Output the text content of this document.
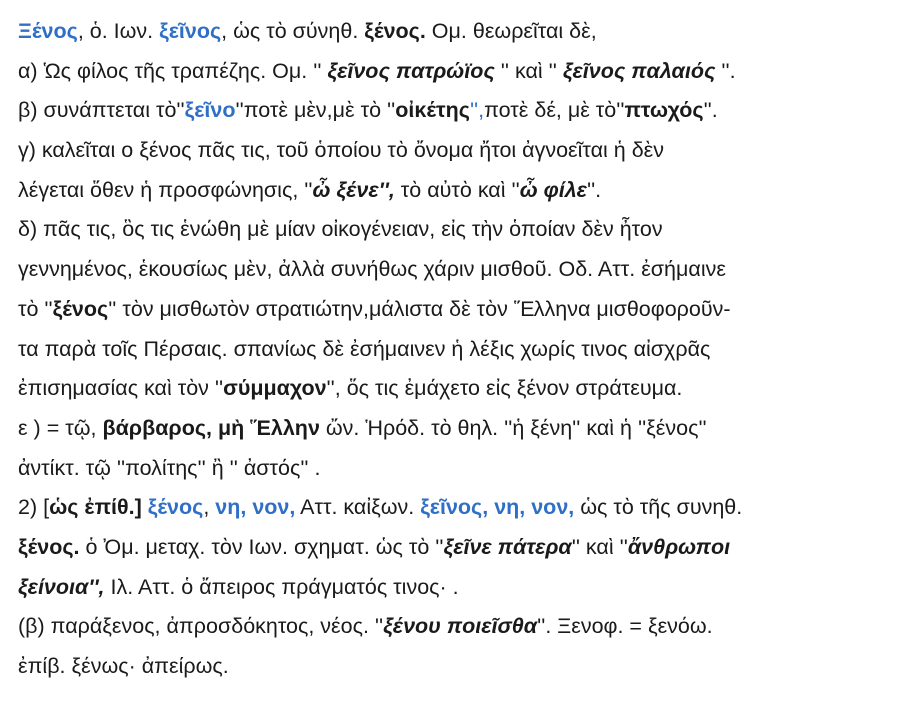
Ξένος, ὁ. Ιων. ξεῖνος, ὡς τὸ σύνηθ. ξένος. Ομ. θεωρεῖται δὲ,
α) Ὡς φίλος τῆς τραπέζης. Ομ. '' ξεῖνος πατρώϊος '' καὶ '' ξεῖνος παλαιός ''.
β) συνάπτεται τὸ''ξεῖνο''ποτὲ μὲν,μὲ τὸ ''οἰκέτης'',ποτὲ δέ, μὲ τὸ''πτωχός''.
γ) καλεῖται ο ξένος πᾶς τις, τοῦ ὁποίου τὸ ὄνομα ἤτοι ἀγνοεῖται ἡ δὲν
λέγεται ὅθεν ἡ προσφώνησις, ''ὦ ξένε'', τὸ αὐτὸ καὶ ''ὦ φίλε''.
δ) πᾶς τις, ὃς τις ἑνώθη μὲ μίαν οἰκογένειαν, εἰς τὴν ὁποίαν δὲν ἦτον
γεννημένος, ἑκουσίως μὲν, ἀλλὰ συνήθως χάριν μισθοῦ. Οδ. Αττ. ἐσήμαινε
τὸ ''ξένος'' τὸν μισθωτὸν στρατιώτην,μάλιστα δὲ τὸν Ἕλληνα μισθοφοροῦν-
τα παρὰ τοῖς Πέρσαις. σπανίως δὲ ἐσήμαινεν ἡ λέξις χωρίς τινος αἰσχρᾶς
ἐπισημασίας καὶ τὸν ''σύμμαχον'', ὅς τις ἐμάχετο εἰς ξένον στράτευμα.
ε ) = τῷ, βάρβαρος, μὴ Ἕλλην ὤν. Ἡρόδ. τὸ θηλ. ''ἡ ξένη'' καὶ ἡ ''ξένος''
ἀντίκτ. τῷ ''πολίτης'' ἢ '' ἀστός'' .
2) [ὡς ἐπίθ.] ξένος, νη, νον, Αττ. καἰξων. ξεῖνος, νη, νον, ὡς τὸ τῆς συνηθ.
ξένος. ὁ Ὀμ. μεταχ. τὸν Ιων. σχηματ. ὡς τὸ ''ξεῖνε πάτερα'' καὶ ''ἄνθρωποι
ξείνοια'', Ιλ. Αττ. ὁ ἄπειρος πράγματός τινος· .
(β) παράξενος, ἀπροσδόκητος, νέος. ''ξένου ποιεῖσθα''. Ξενοφ. = ξενόω.
ἐπίβ. ξένως· ἀπείρως.
